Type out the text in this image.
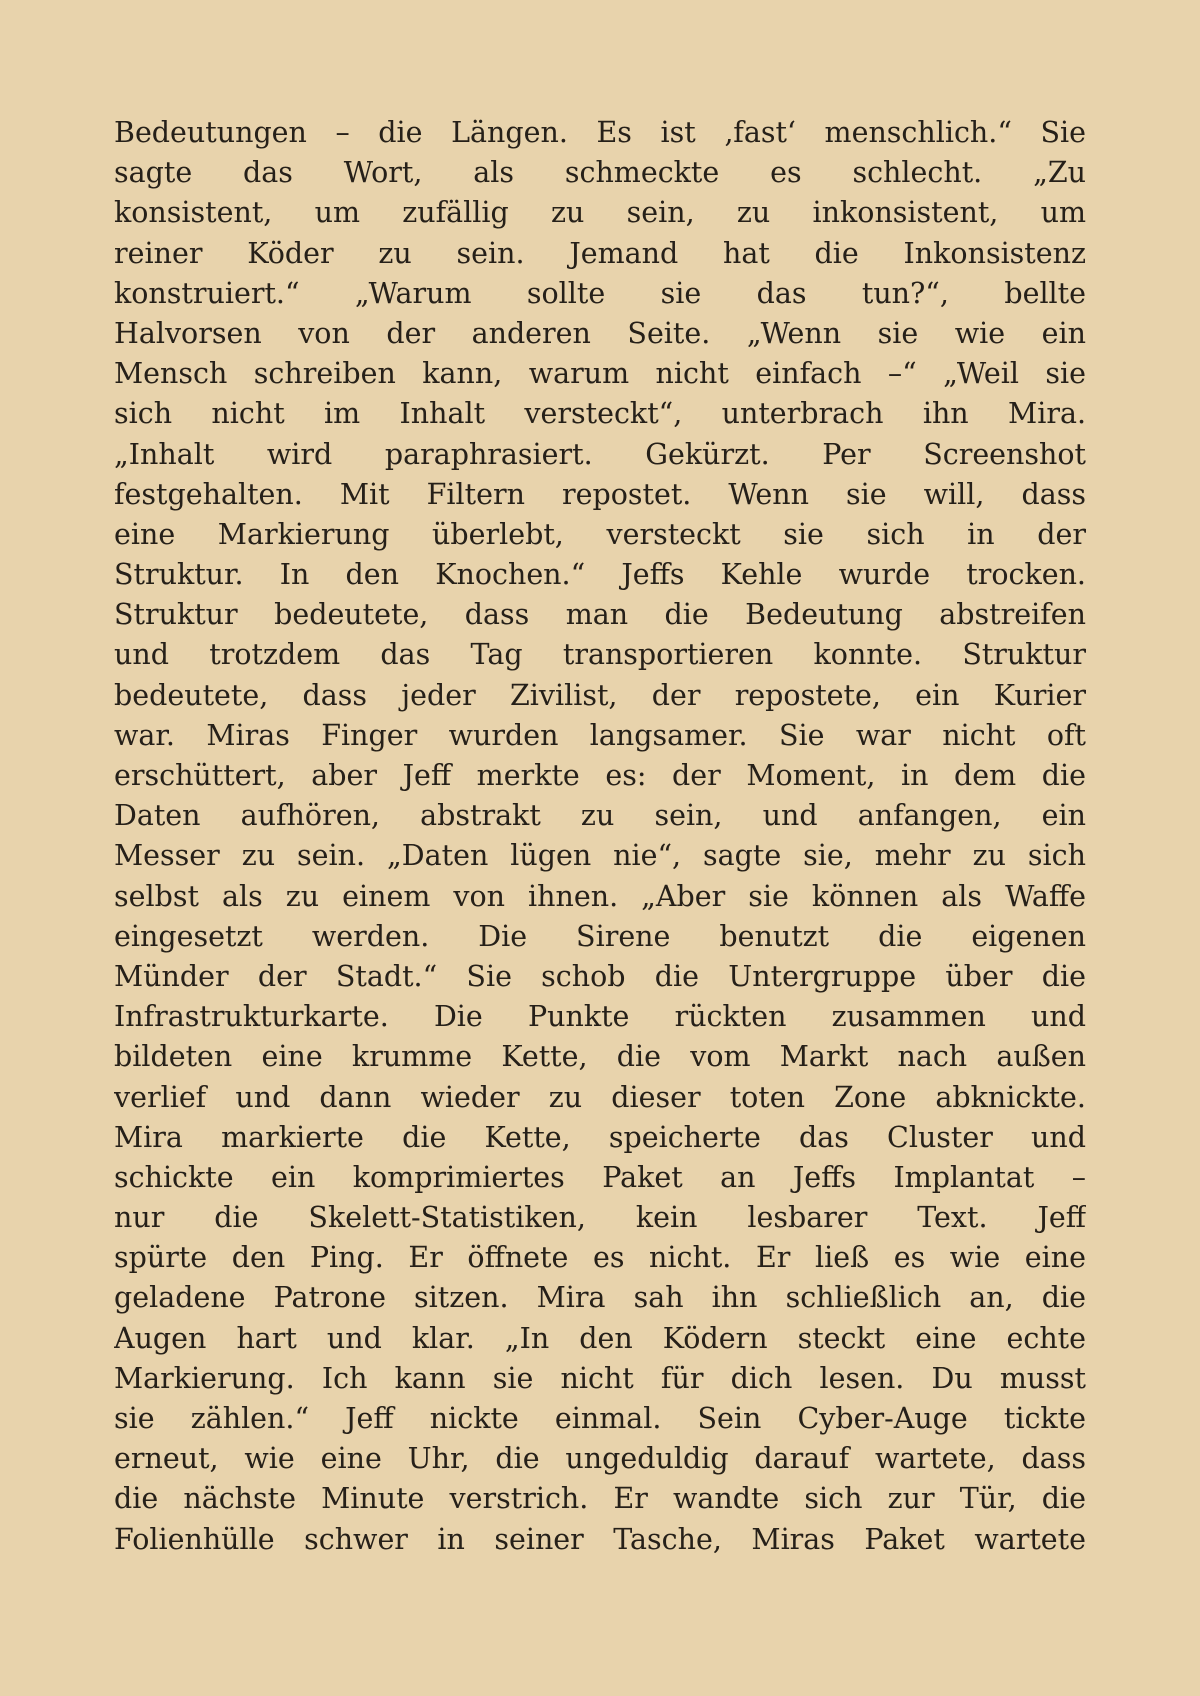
Bedeutungen – die Längen. Es ist ‚fast‘ menschlich.“ Sie
sagte das Wort, als schmeckte es schlecht. „Zu
konsistent, um zufällig zu sein, zu inkonsistent, um
reiner Köder zu sein. Jemand hat die Inkonsistenz
konstruiert.“ „Warum sollte sie das tun?“, bellte
Halvorsen von der anderen Seite. „Wenn sie wie ein
Mensch schreiben kann, warum nicht einfach –“ „Weil sie
sich nicht im Inhalt versteckt“, unterbrach ihn Mira.
„Inhalt wird paraphrasiert. Gekürzt. Per Screenshot
festgehalten. Mit Filtern repostet. Wenn sie will, dass
eine Markierung überlebt, versteckt sie sich in der
Struktur. In den Knochen.“ Jeffs Kehle wurde trocken.
Struktur bedeutete, dass man die Bedeutung abstreifen
und trotzdem das Tag transportieren konnte. Struktur
bedeutete, dass jeder Zivilist, der repostete, ein Kurier
war. Miras Finger wurden langsamer. Sie war nicht oft
erschüttert, aber Jeff merkte es: der Moment, in dem die
Daten aufhören, abstrakt zu sein, und anfangen, ein
Messer zu sein. „Daten lügen nie“, sagte sie, mehr zu sich
selbst als zu einem von ihnen. „Aber sie können als Waffe
eingesetzt werden. Die Sirene benutzt die eigenen
Münder der Stadt.“ Sie schob die Untergruppe über die
Infrastrukturkarte. Die Punkte rückten zusammen und
bildeten eine krumme Kette, die vom Markt nach außen
verlief und dann wieder zu dieser toten Zone abknickte.
Mira markierte die Kette, speicherte das Cluster und
schickte ein komprimiertes Paket an Jeffs Implantat –
nur die Skelett-Statistiken, kein lesbarer Text. Jeff
spürte den Ping. Er öffnete es nicht. Er ließ es wie eine
geladene Patrone sitzen. Mira sah ihn schließlich an, die
Augen hart und klar. „In den Ködern steckt eine echte
Markierung. Ich kann sie nicht für dich lesen. Du musst
sie zählen.“ Jeff nickte einmal. Sein Cyber-Auge tickte
erneut, wie eine Uhr, die ungeduldig darauf wartete, dass
die nächste Minute verstrich. Er wandte sich zur Tür, die
Folienhülle schwer in seiner Tasche, Miras Paket wartete
